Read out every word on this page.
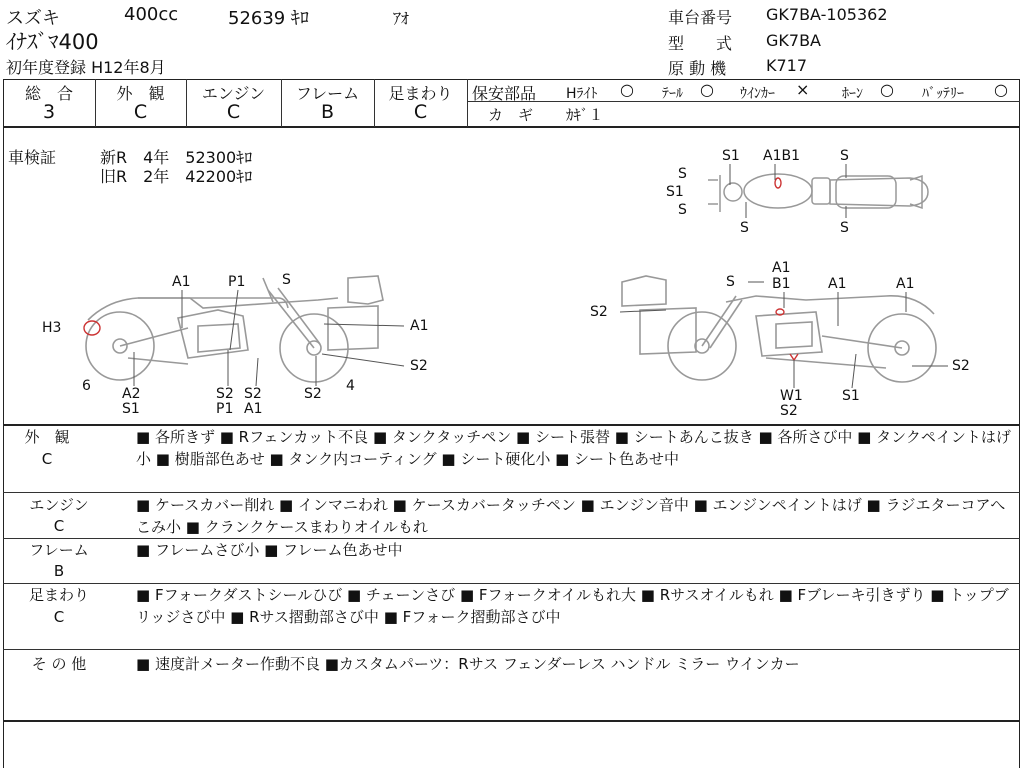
スズキ	400cc	52639 ｷﾛ	ｱｵ
ｲﾅｽﾞﾏ400
初年度登録 H12年8月
車台番号 GK7BA-105362
型　　式 GK7BA
原 動 機 K717
総　合	外　観	エンジン	フレーム	足まわり
3	C	C	B	C
保安部品 Hﾗｲﾄ ○ ﾃｰﾙ ○ ｳｲﾝｶｰ × ﾎｰﾝ ○ ﾊﾞｯﾃﾘｰ ○
カ　ギ ｶｷﾞ１
車検証	新R　4年　52300ｷﾛ
旧R　2年　42200ｷﾛ
S1 A1B1	S
S
S1
S
S	S
A1	P1	S
H3	A1
S2
6 A2
S1
S2 S2
P1 A1
S2 4
S
A1
B1	A1	A1
S2
S2
W1
S2
S1
外　観
C
■ 各所きず ■ Rフェンカット不良 ■ タンクタッチペン ■ シート張替 ■ シートあんこ抜き ■ 各所さび中 ■ タンクペイントはげ小 ■ 樹脂部色あせ ■ タンク内コーティング ■ シート硬化小 ■ シート色あせ中
エンジン
C
■ ケースカバー削れ ■ インマニわれ ■ ケースカバータッチペン ■ エンジン音中 ■ エンジンペイントはげ ■ ラジエターコアへこみ小 ■ クランクケースまわりオイルもれ
フレーム
B
■ フレームさび小 ■ フレーム色あせ中
足まわり
C
■ Fフォークダストシールひび ■ チェーンさび ■ Fフォークオイルもれ大 ■ Rサスオイルもれ ■ Fブレーキ引きずり ■ トップブリッジさび中 ■ Rサス摺動部さび中 ■ Fフォーク摺動部さび中
そ の 他	■ 速度計メーター作動不良 ■カスタムパーツ：Rサス フェンダーレス ハンドル ミラー ウインカー
